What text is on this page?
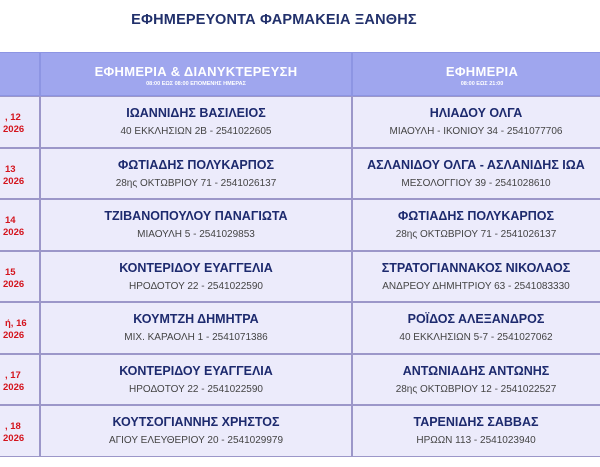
ΕΦΗΜΕΡΕΥΟΝΤΑ ΦΑΡΜΑΚΕΙΑ ΞΑΝΘΗΣ
ΕΦΗΜΕΡΙΑ & ΔΙΑΝΥΚΤΕΡΕΥΣΗ
08:00 ΕΩΣ 08:00 ΕΠΟΜΕΝΗΣ ΗΜΕΡΑΣ
ΕΦΗΜΕΡΙΑ
08:00 ΕΩΣ 21:00
, 12
2026
ΙΩΑΝΝΙΔΗΣ ΒΑΣΙΛΕΙΟΣ
40 ΕΚΚΛΗΣΙΩΝ 2Β - 2541022605
ΗΛΙΑΔΟΥ ΟΛΓΑ
ΜΙΑΟΥΛΗ - ΙΚΟΝΙΟΥ 34 - 2541077706
13
2026
ΦΩΤΙΑΔΗΣ ΠΟΛΥΚΑΡΠΟΣ
28ης ΟΚΤΩΒΡΙΟΥ 71 - 2541026137
ΑΣΛΑΝΙΔΟΥ ΟΛΓΑ - ΑΣΛΑΝΙΔΗΣ ΙΩΑ
ΜΕΣΟΛΟΓΓΙΟΥ 39 - 2541028610
14
2026
ΤΖΙΒΑΝΟΠΟΥΛΟΥ ΠΑΝΑΓΙΩΤΑ
ΜΙΑΟΥΛΗ 5 - 2541029853
ΦΩΤΙΑΔΗΣ ΠΟΛΥΚΑΡΠΟΣ
28ης ΟΚΤΩΒΡΙΟΥ 71 - 2541026137
15
2026
ΚΟΝΤΕΡΙΔΟΥ ΕΥΑΓΓΕΛΙΑ
ΗΡΟΔΟΤΟΥ 22 - 2541022590
ΣΤΡΑΤΟΓΙΑΝΝΑΚΟΣ ΝΙΚΟΛΑΟΣ
ΑΝΔΡΕΟΥ ΔΗΜΗΤΡΙΟΥ 63 - 2541083330
ή, 16
2026
ΚΟΥΜΤΖΗ ΔΗΜΗΤΡΑ
ΜΙΧ. ΚΑΡΑΟΛΗ 1 - 2541071386
ΡΟΪΔΟΣ ΑΛΕΞΑΝΔΡΟΣ
40 ΕΚΚΛΗΣΙΩΝ 5-7 - 2541027062
, 17
2026
ΚΟΝΤΕΡΙΔΟΥ ΕΥΑΓΓΕΛΙΑ
ΗΡΟΔΟΤΟΥ 22 - 2541022590
ΑΝΤΩΝΙΑΔΗΣ ΑΝΤΩΝΗΣ
28ης ΟΚΤΩΒΡΙΟΥ 12 - 2541022527
, 18
2026
ΚΟΥΤΣΟΓΙΑΝΝΗΣ ΧΡΗΣΤΟΣ
ΑΓΙΟΥ ΕΛΕΥΘΕΡΙΟΥ 20 - 2541029979
ΤΑΡΕΝΙΔΗΣ ΣΑΒΒΑΣ
ΗΡΩΩΝ 113 - 2541023940
